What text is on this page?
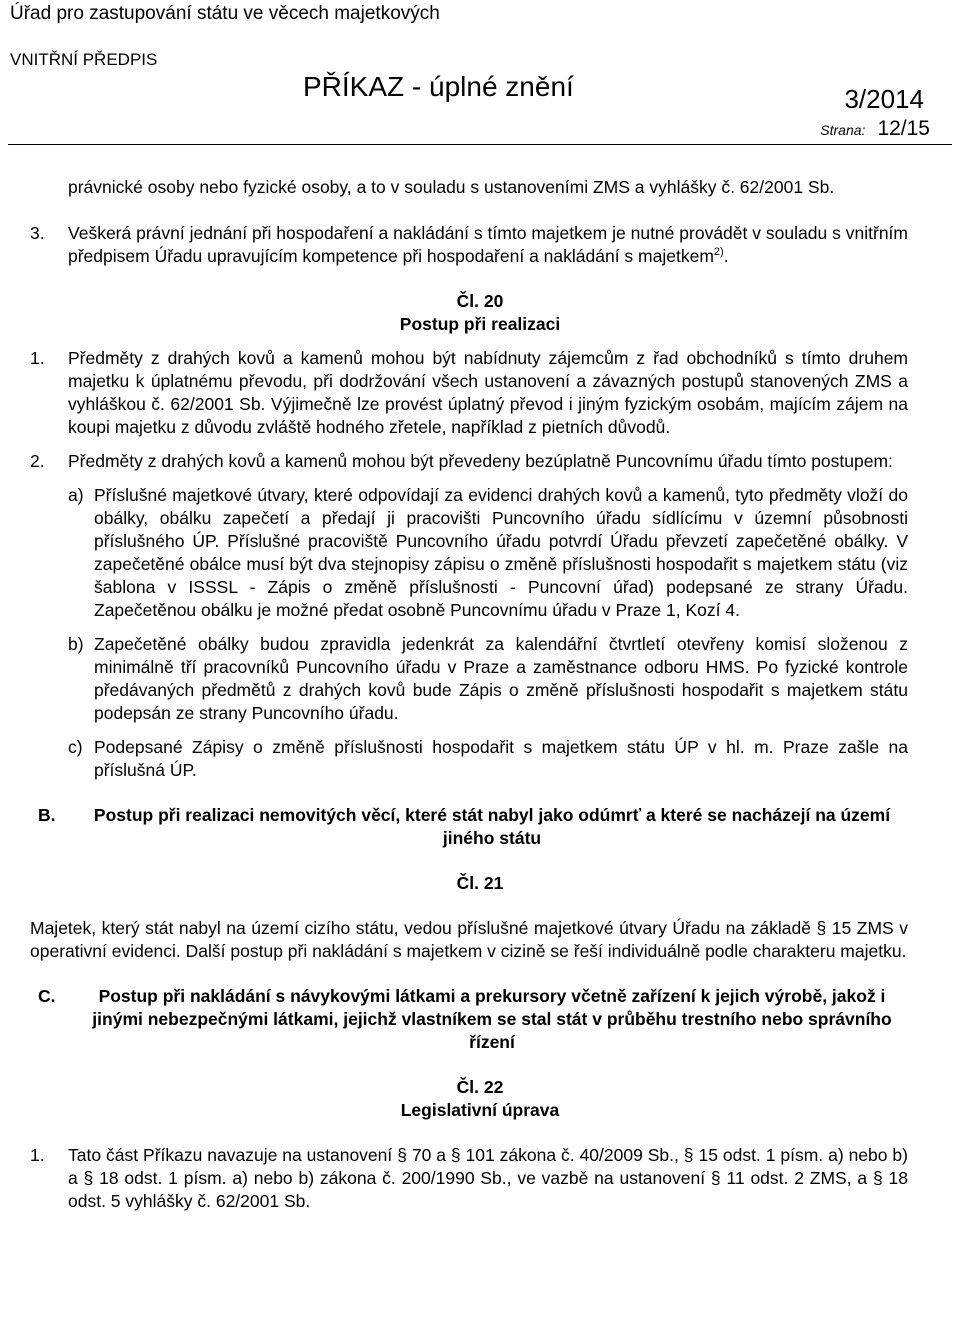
Úřad pro zastupování státu ve věcech majetkových
VNITŘNÍ PŘEDPIS
PŘÍKAZ - úplné znění	3/2014
Strana: 12/15

právnické osoby nebo fyzické osoby, a to v souladu s ustanoveními ZMS a vyhlášky č. 62/2001 Sb.

3. Veškerá právní jednání při hospodaření a nakládání s tímto majetkem je nutné provádět v souladu s vnitřním předpisem Úřadu upravujícím kompetence při hospodaření a nakládání s majetkem$^{2)}$.

Čl. 20

Postup při realizaci

1. Předměty z drahých kovů a kamenů mohou být nabídnuty zájemcům z řad obchodníků s tímto druhem majetku k úplatnému převodu, při dodržování všech ustanovení a závazných postupů stanovených ZMS a vyhláškou č. 62/2001 Sb. Výjimečně lze provést úplatný převod i jiným fyzickým osobám, majícím zájem na koupi majetku z důvodu zvláště hodného zřetele, například z pietních důvodů.
2. Předměty z drahých kovů a kamenů mohou být převedeny bezúplatně Puncovnímu úřadu tímto postupem:
a) Příslušné majetkové útvary, které odpovídají za evidenci drahých kovů a kamenů, tyto předměty vloží do obálky, obálku zapečetí a předají ji pracovišti Puncovního úřadu sídlícímu v územní působnosti příslušného ÚP. Příslušné pracoviště Puncovního úřadu potvrdí Úřadu převzetí zapečetěné obálky. V zapečetěné obálce musí být dva stejnopisy zápisu o změně příslušnosti hospodařit s majetkem státu (viz šablona v ISSSL - Zápis o změně příslušnosti - Puncovní úřad) podepsané ze strany Úřadu. Zapečetěnou obálku je možné předat osobně Puncovnímu úřadu v Praze 1, Kozí 4.
b) Zapečetěné obálky budou zpravidla jedenkrát za kalendářní čtvrtletí otevřeny komisí složenou z minimálně tří pracovníků Puncovního úřadu v Praze a zaměstnance odboru HMS. Po fyzické kontrole předávaných předmětů z drahých kovů bude Zápis o změně příslušnosti hospodařit s majetkem státu podepsán ze strany Puncovního úřadu.
c) Podepsané Zápisy o změně příslušnosti hospodařit s majetkem státu ÚP v hl. m. Praze zašle na příslušná ÚP.
B. Postup při realizaci nemovitých věcí, které stát nabyl jako odúmrť a které se nacházejí na území jiného státu

Čl. 21

Majetek, který stát nabyl na území cizího státu, vedou příslušné majetkové útvary Úřadu na základě § 15 ZMS v operativní evidenci. Další postup při nakládání s majetkem v cizině se řeší individuálně podle charakteru majetku.

C. Postup při nakládání s návykovými látkami a prekursory včetně zařízení k jejich výrobě, jakož i jinými nebezpečnými látkami, jejichž vlastníkem se stal stát v průběhu trestního nebo správního řízení

Čl. 22

Legislativní úprava

1. Tato část Příkazu navazuje na ustanovení § 70 a § 101 zákona č. 40/2009 Sb., § 15 odst. 1 písm. a) nebo b) a § 18 odst. 1 písm. a) nebo b) zákona č. 200/1990 Sb., ve vazbě na ustanovení § 11 odst. 2 ZMS, a § 18 odst. 5 vyhlášky č. 62/2001 Sb.
